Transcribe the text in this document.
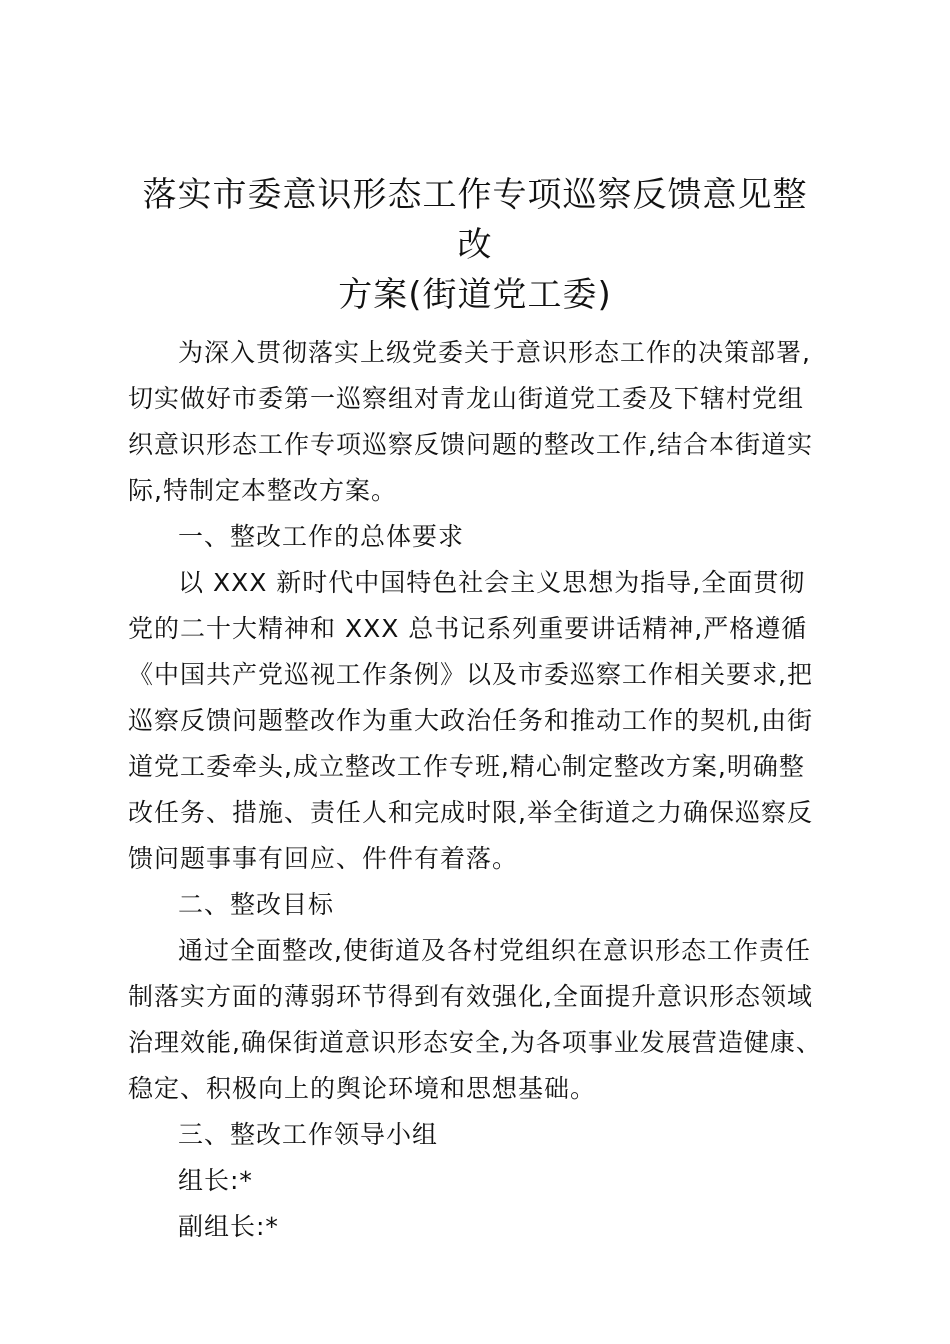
落实市委意识形态工作专项巡察反馈意见整改
方案(街道党工委)

为深入贯彻落实上级党委关于意识形态工作的决策部署,切实做好市委第一巡察组对青龙山街道党工委及下辖村党组织意识形态工作专项巡察反馈问题的整改工作,结合本街道实际,特制定本整改方案。

一、整改工作的总体要求

以 XXX 新时代中国特色社会主义思想为指导,全面贯彻党的二十大精神和 XXX 总书记系列重要讲话精神,严格遵循《中国共产党巡视工作条例》以及市委巡察工作相关要求,把巡察反馈问题整改作为重大政治任务和推动工作的契机,由街道党工委牵头,成立整改工作专班,精心制定整改方案,明确整改任务、措施、责任人和完成时限,举全街道之力确保巡察反馈问题事事有回应、件件有着落。

二、整改目标

通过全面整改,使街道及各村党组织在意识形态工作责任制落实方面的薄弱环节得到有效强化,全面提升意识形态领域治理效能,确保街道意识形态安全,为各项事业发展营造健康、稳定、积极向上的舆论环境和思想基础。

三、整改工作领导小组

组长:*

副组长:*
